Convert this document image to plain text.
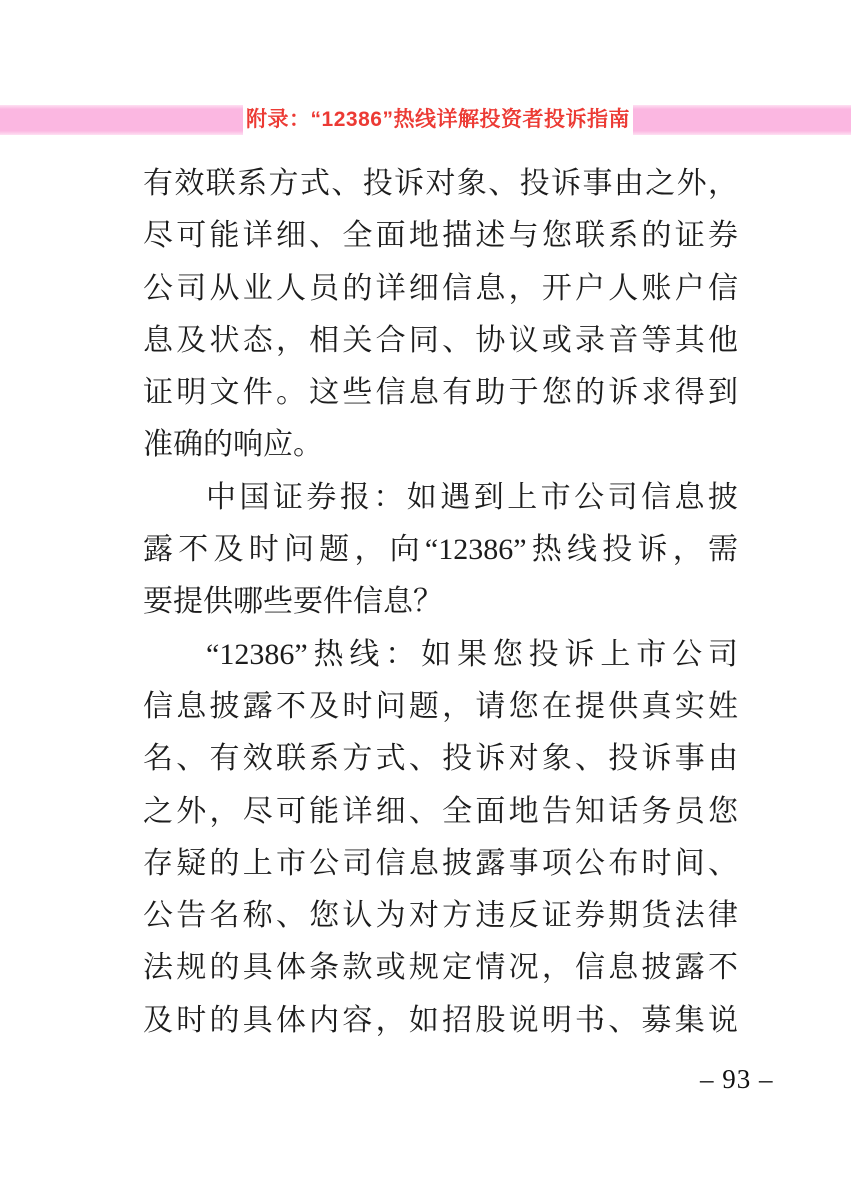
附录：“12386”热线详解投资者投诉指南
有效联系方式、投诉对象、投诉事由之外，
尽可能详细、全面地描述与您联系的证券
公司从业人员的详细信息，开户人账户信
息及状态，相关合同、协议或录音等其他
证明文件。这些信息有助于您的诉求得到
准确的响应。
中国证券报：如遇到上市公司信息披
露不及时问题，向“12386”热线投诉，需
要提供哪些要件信息？
“12386”热线：如果您投诉上市公司
信息披露不及时问题，请您在提供真实姓
名、有效联系方式、投诉对象、投诉事由
之外，尽可能详细、全面地告知话务员您
存疑的上市公司信息披露事项公布时间、
公告名称、您认为对方违反证券期货法律
法规的具体条款或规定情况，信息披露不
及时的具体内容，如招股说明书、募集说
– 93 –
